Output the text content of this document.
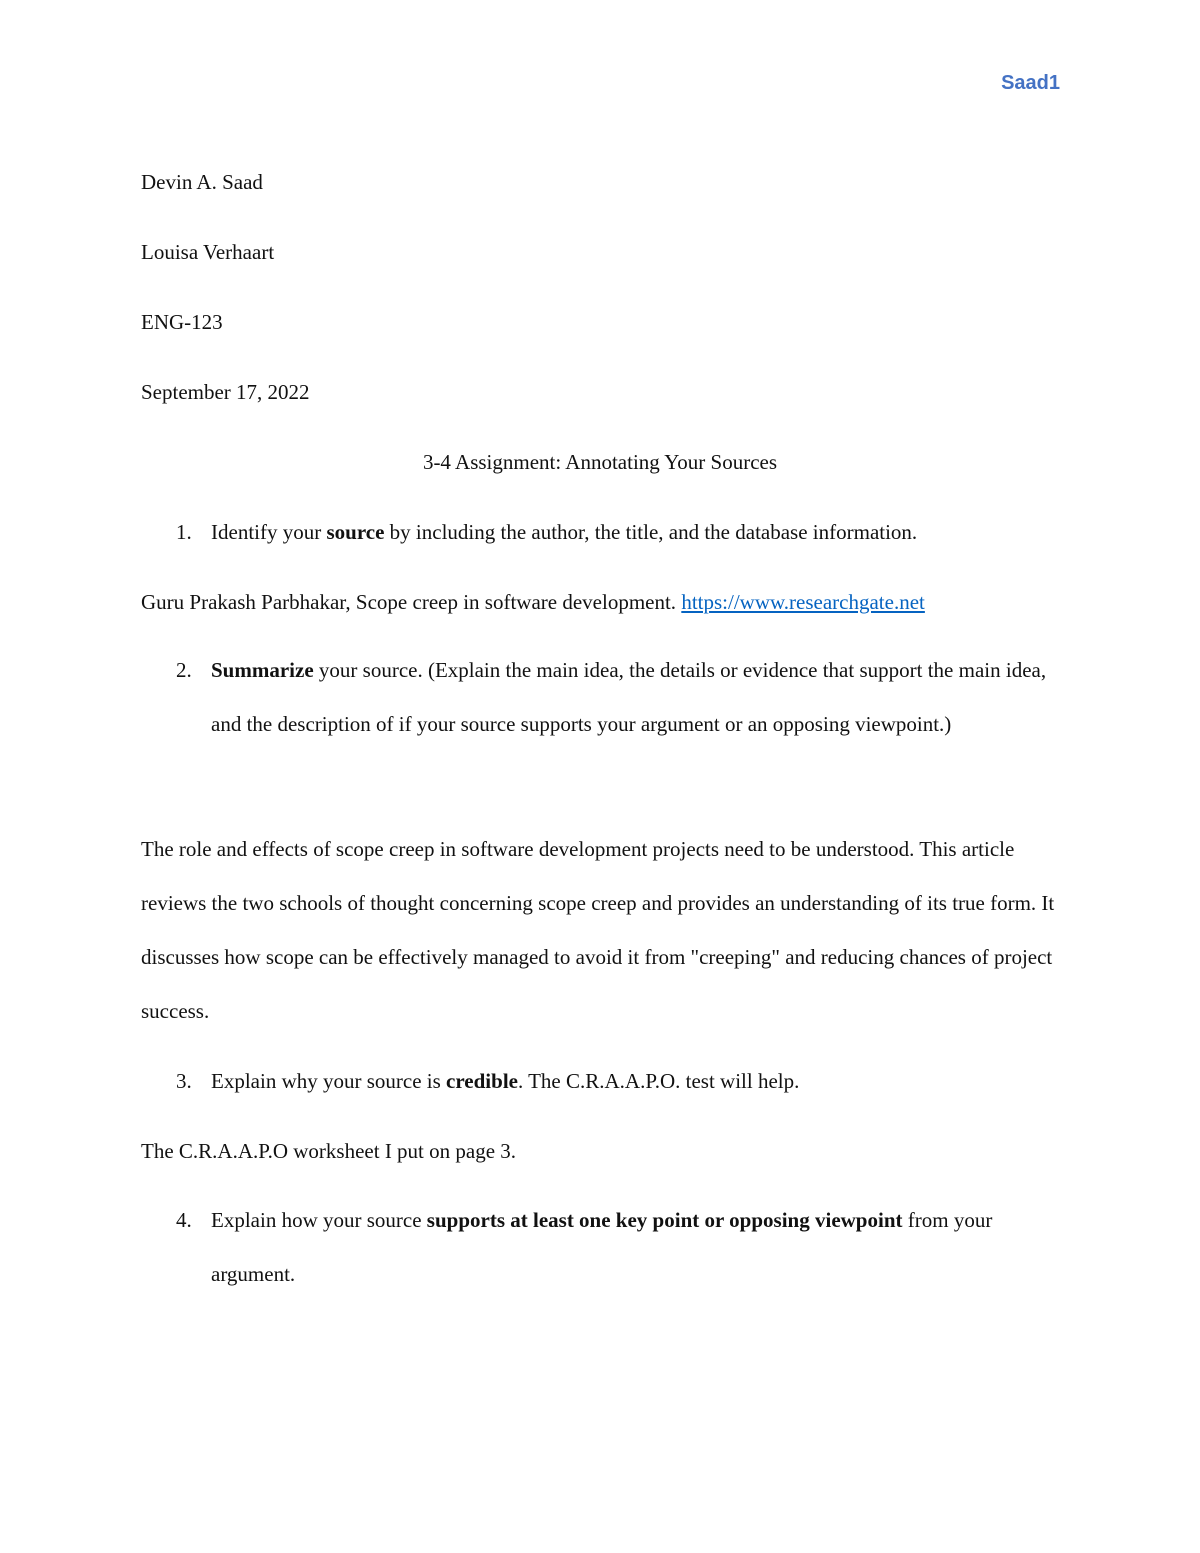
Saad1
Devin A. Saad
Louisa Verhaart
ENG-123
September 17, 2022
3-4 Assignment: Annotating Your Sources
1. Identify your source by including the author, the title, and the database information.
Guru Prakash Parbhakar, Scope creep in software development. https://www.researchgate.net
2. Summarize your source. (Explain the main idea, the details or evidence that support the main idea, and the description of if your source supports your argument or an opposing viewpoint.)
The role and effects of scope creep in software development projects need to be understood. This article reviews the two schools of thought concerning scope creep and provides an understanding of its true form. It discusses how scope can be effectively managed to avoid it from "creeping" and reducing chances of project success.
3. Explain why your source is credible. The C.R.A.A.P.O. test will help.
The C.R.A.A.P.O worksheet I put on page 3.
4. Explain how your source supports at least one key point or opposing viewpoint from your argument.
